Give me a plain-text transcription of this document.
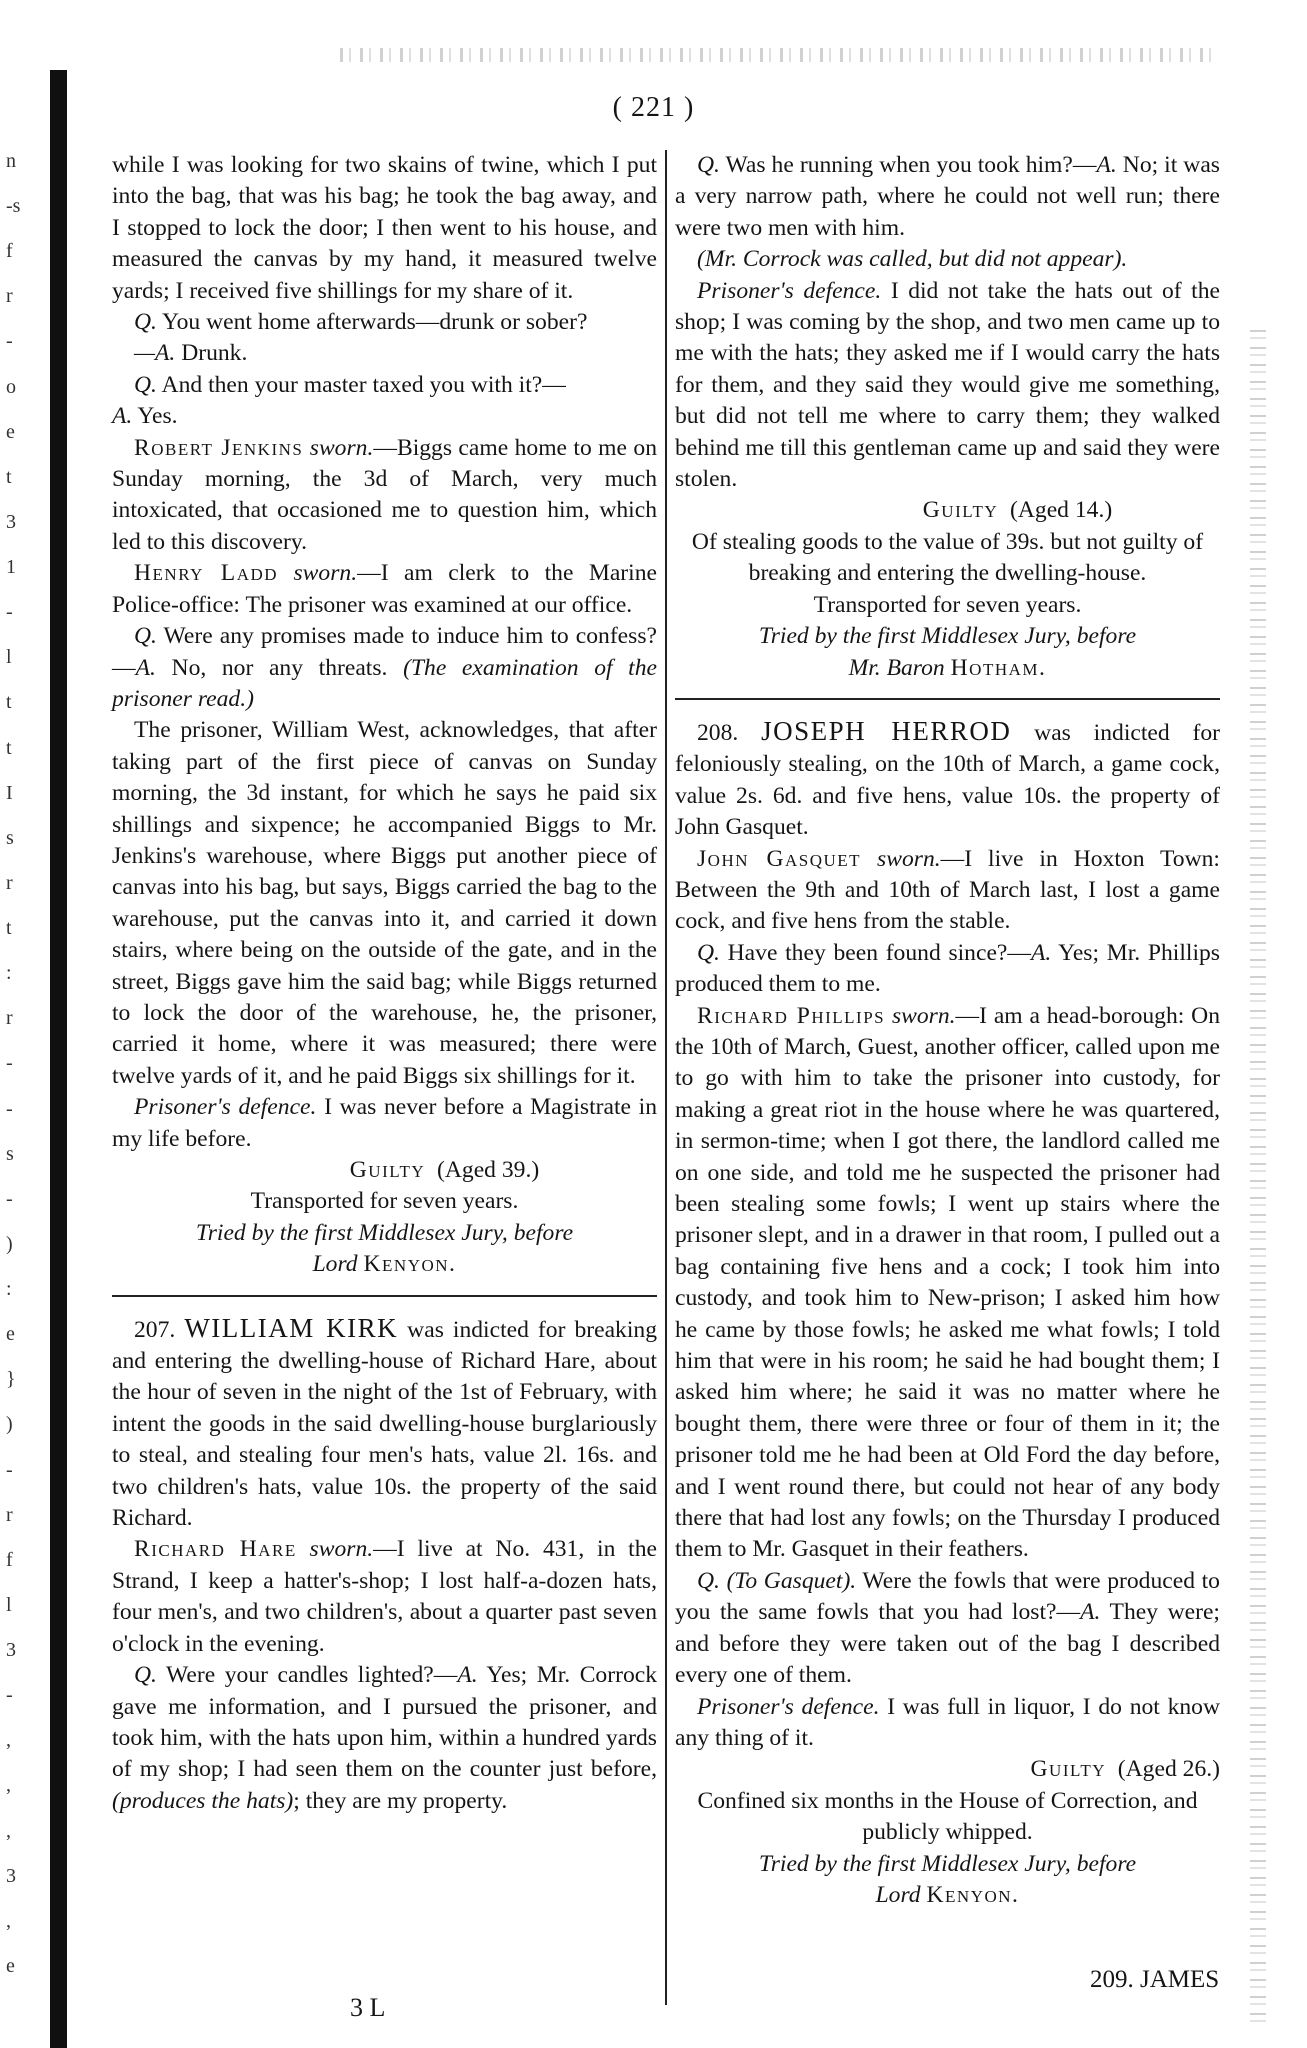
n
-s
f
r
-
o
e
t
3
1
-
l
t
t
I
s
r
t
:
r
-
-
s
-
)
:
e
}
)
-
r
f
l
3
-
,
,
,
3
,
e
( 221 )

while I was looking for two skains of twine, which I put into the bag, that was his bag; he took the bag away, and I stopped to lock the door; I then went to his house, and measured the canvas by my hand, it measured twelve yards; I received five shillings for my share of it.

Q. You went home afterwards—drunk or sober?

—A. Drunk.

Q. And then your master taxed you with it?—

A. Yes.

Robert Jenkins sworn.—Biggs came home to me on Sunday morning, the 3d of March, very much intoxicated, that occasioned me to question him, which led to this discovery.

Henry Ladd sworn.—I am clerk to the Marine Police-office: The prisoner was examined at our office.

Q. Were any promises made to induce him to confess?—A. No, nor any threats. (The examination of the prisoner read.)

The prisoner, William West, acknowledges, that after taking part of the first piece of canvas on Sunday morning, the 3d instant, for which he says he paid six shillings and sixpence; he accompanied Biggs to Mr. Jenkins's warehouse, where Biggs put another piece of canvas into his bag, but says, Biggs carried the bag to the warehouse, put the canvas into it, and carried it down stairs, where being on the outside of the gate, and in the street, Biggs gave him the said bag; while Biggs returned to lock the door of the warehouse, he, the prisoner, carried it home, where it was measured; there were twelve yards of it, and he paid Biggs six shillings for it.

Prisoner's defence. I was never before a Magistrate in my life before.

Guilty (Aged 39.)

Transported for seven years.

Tried by the first Middlesex Jury, before

Lord Kenyon.

207. WILLIAM KIRK was indicted for breaking and entering the dwelling-house of Richard Hare, about the hour of seven in the night of the 1st of February, with intent the goods in the said dwelling-house burglariously to steal, and stealing four men's hats, value 2l. 16s. and two children's hats, value 10s. the property of the said Richard.

Richard Hare sworn.—I live at No. 431, in the Strand, I keep a hatter's-shop; I lost half-a-dozen hats, four men's, and two children's, about a quarter past seven o'clock in the evening.

Q. Were your candles lighted?—A. Yes; Mr. Corrock gave me information, and I pursued the prisoner, and took him, with the hats upon him, within a hundred yards of my shop; I had seen them on the counter just before, (produces the hats); they are my property.

Q. Was he running when you took him?—A. No; it was a very narrow path, where he could not well run; there were two men with him.

(Mr. Corrock was called, but did not appear).

Prisoner's defence. I did not take the hats out of the shop; I was coming by the shop, and two men came up to me with the hats; they asked me if I would carry the hats for them, and they said they would give me something, but did not tell me where to carry them; they walked behind me till this gentleman came up and said they were stolen.

Guilty (Aged 14.)

Of stealing goods to the value of 39s. but not guilty of breaking and entering the dwelling-house.

Transported for seven years.

Tried by the first Middlesex Jury, before

Mr. Baron Hotham.

208. JOSEPH HERROD was indicted for feloniously stealing, on the 10th of March, a game cock, value 2s. 6d. and five hens, value 10s. the property of John Gasquet.

John Gasquet sworn.—I live in Hoxton Town: Between the 9th and 10th of March last, I lost a game cock, and five hens from the stable.

Q. Have they been found since?—A. Yes; Mr. Phillips produced them to me.

Richard Phillips sworn.—I am a head-borough: On the 10th of March, Guest, another officer, called upon me to go with him to take the prisoner into custody, for making a great riot in the house where he was quartered, in sermon-time; when I got there, the landlord called me on one side, and told me he suspected the prisoner had been stealing some fowls; I went up stairs where the prisoner slept, and in a drawer in that room, I pulled out a bag containing five hens and a cock; I took him into custody, and took him to New-prison; I asked him how he came by those fowls; he asked me what fowls; I told him that were in his room; he said he had bought them; I asked him where; he said it was no matter where he bought them, there were three or four of them in it; the prisoner told me he had been at Old Ford the day before, and I went round there, but could not hear of any body there that had lost any fowls; on the Thursday I produced them to Mr. Gasquet in their feathers.

Q. (To Gasquet). Were the fowls that were produced to you the same fowls that you had lost?—A. They were; and before they were taken out of the bag I described every one of them.

Prisoner's defence. I was full in liquor, I do not know any thing of it.

Guilty (Aged 26.)

Confined six months in the House of Correction, and publicly whipped.

Tried by the first Middlesex Jury, before

Lord Kenyon.

3 L
209. JAMES
